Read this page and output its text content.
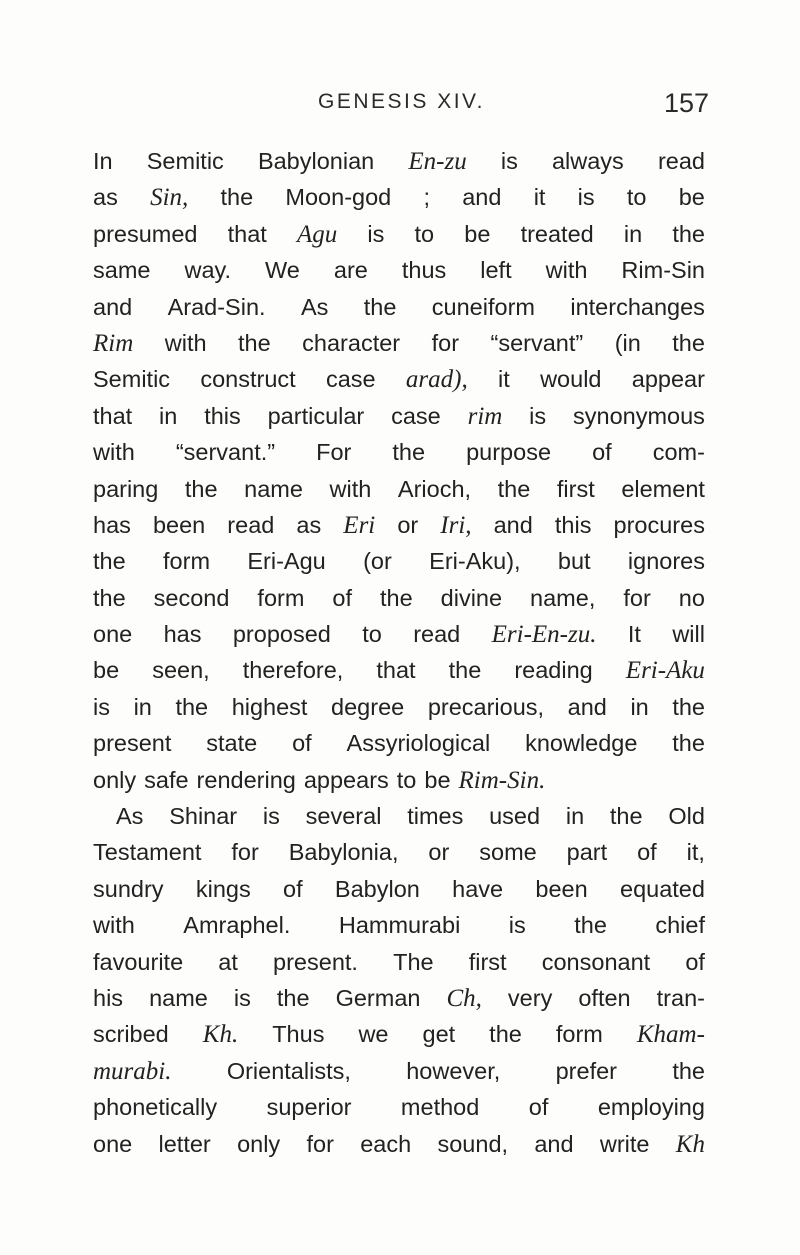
GENESIS XIV.	157
In Semitic Babylonian En-zu is always read
as Sin, the Moon-god ; and it is to be
presumed that Agu is to be treated in the
same way. We are thus left with Rim-Sin
and Arad-Sin. As the cuneiform interchanges
Rim with the character for “servant” (in the
Semitic construct case arad), it would appear
that in this particular case rim is synonymous
with “servant.” For the purpose of com-
paring the name with Arioch, the first element
has been read as Eri or Iri, and this procures
the form Eri-Agu (or Eri-Aku), but ignores
the second form of the divine name, for no
one has proposed to read Eri-En-zu. It will
be seen, therefore, that the reading Eri-Aku
is in the highest degree precarious, and in the
present state of Assyriological knowledge the
only safe rendering appears to be Rim-Sin.
As Shinar is several times used in the Old
Testament for Babylonia, or some part of it,
sundry kings of Babylon have been equated
with Amraphel. Hammurabi is the chief
favourite at present. The first consonant of
his name is the German Ch, very often tran-
scribed Kh. Thus we get the form Kham-
murabi. Orientalists, however, prefer the
phonetically superior method of employing
one letter only for each sound, and write Kh
